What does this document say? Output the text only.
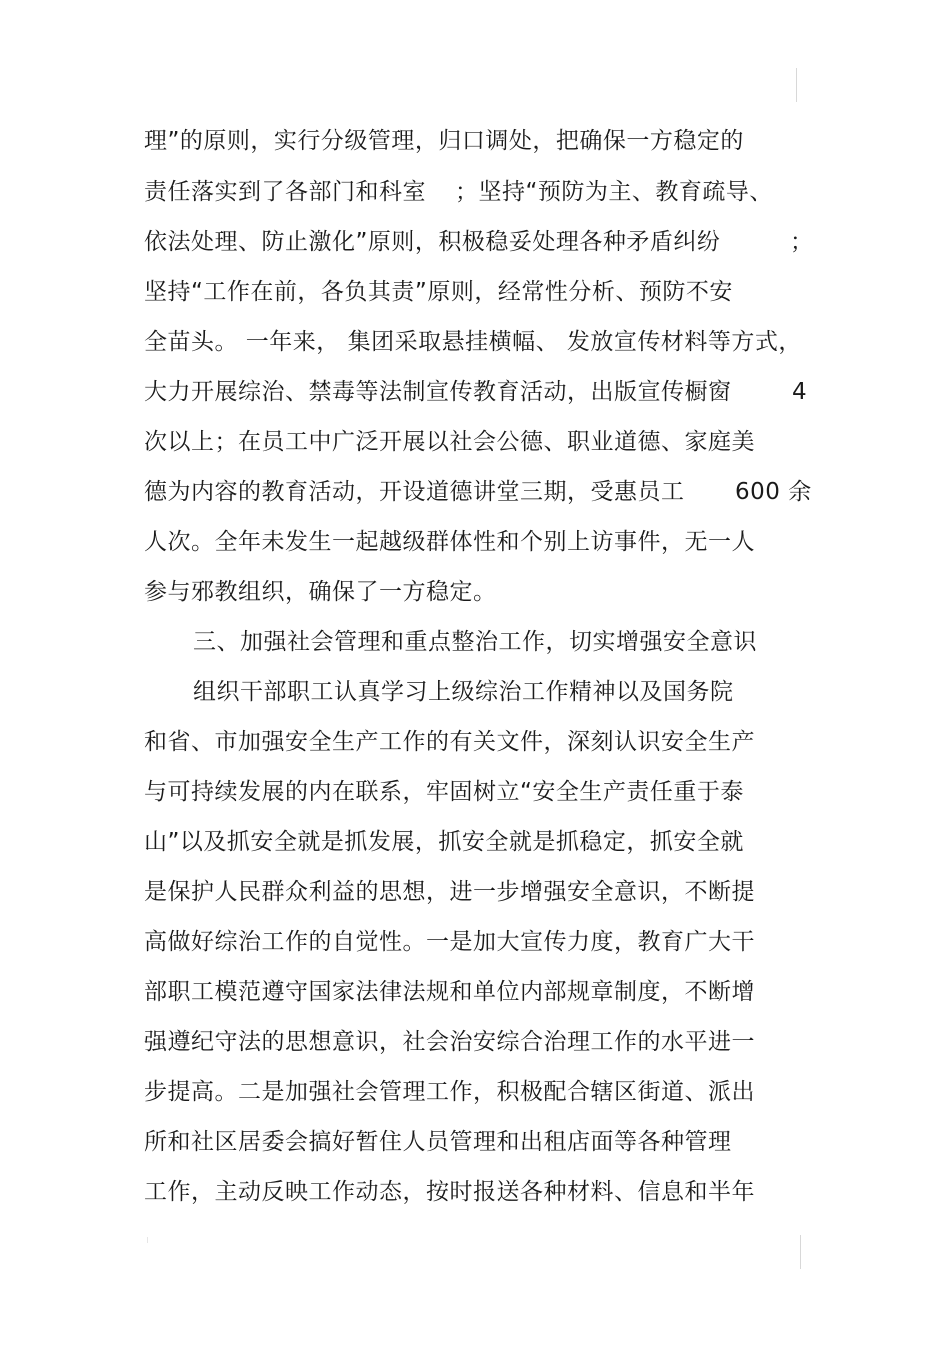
理”的原则，实行分级管理，归口调处，把确保一方稳定的
责任落实到了各部门和科室 ；坚持“预防为主、教育疏导、
依法处理、防止激化”原则，积极稳妥处理各种矛盾纠纷	；
坚持“工作在前，各负其责”原则，经常性分析、预防不安
全苗头。 一年来， 集团采取悬挂横幅、 发放宣传材料等方式，
大力开展综治、禁毒等法制宣传教育活动，出版宣传橱窗	4
次以上；在员工中广泛开展以社会公德、职业道德、家庭美
德为内容的教育活动，开设道德讲堂三期，受惠员工 600 余
人次。全年未发生一起越级群体性和个别上访事件，无一人
参与邪教组织，确保了一方稳定。
三、加强社会管理和重点整治工作，切实增强安全意识
组织干部职工认真学习上级综治工作精神以及国务院
和省、市加强安全生产工作的有关文件，深刻认识安全生产
与可持续发展的内在联系，牢固树立“安全生产责任重于泰
山”以及抓安全就是抓发展，抓安全就是抓稳定，抓安全就
是保护人民群众利益的思想，进一步增强安全意识，不断提
高做好综治工作的自觉性。一是加大宣传力度，教育广大干
部职工模范遵守国家法律法规和单位内部规章制度，不断增
强遵纪守法的思想意识，社会治安综合治理工作的水平进一
步提高。二是加强社会管理工作，积极配合辖区街道、派出
所和社区居委会搞好暂住人员管理和出租店面等各种管理
工作，主动反映工作动态，按时报送各种材料、信息和半年
